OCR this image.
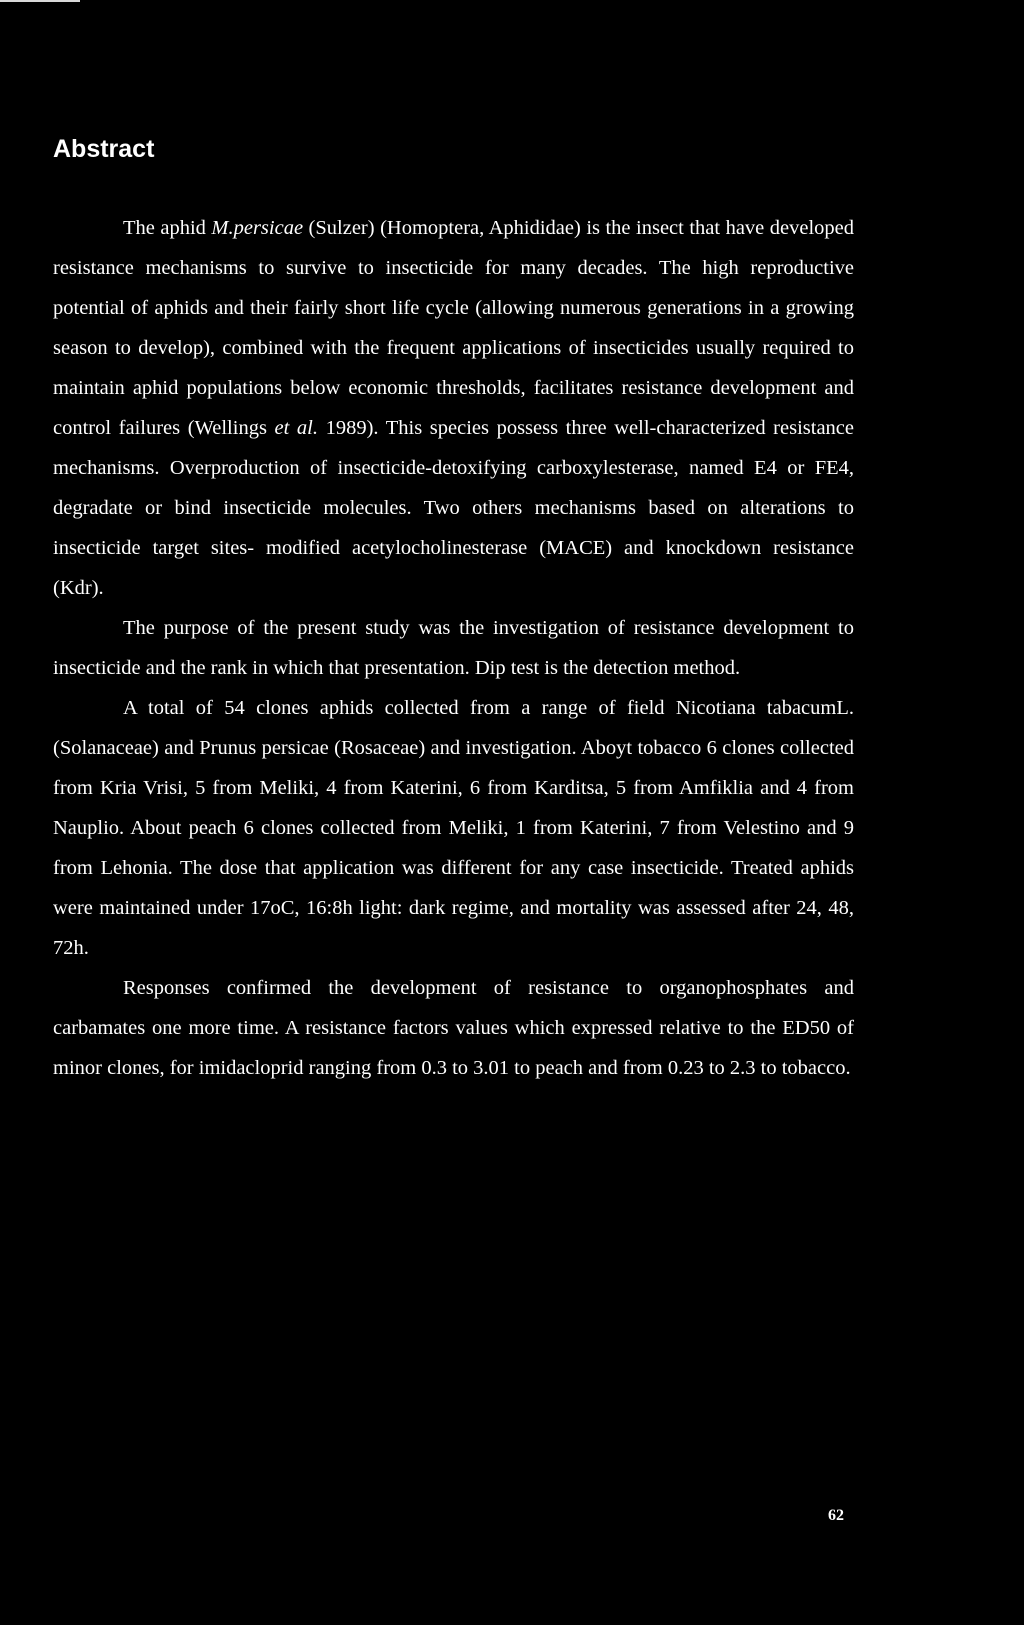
Abstract

The aphid M.persicae (Sulzer) (Homoptera, Aphididae) is the insect that have developed resistance mechanisms to survive to insecticide for many decades. The high reproductive potential of aphids and their fairly short life cycle (allowing numerous generations in a growing season to develop), combined with the frequent applications of insecticides usually required to maintain aphid populations below economic thresholds, facilitates resistance development and control failures (Wellings et al. 1989). This species possess three well-characterized resistance mechanisms. Overproduction of insecticide-detoxifying carboxylesterase, named E4 or FE4, degradate or bind insecticide molecules. Two others mechanisms based on alterations to insecticide target sites- modified acetylocholinesterase (MACE) and knockdown resistance (Kdr).

The purpose of the present study was the investigation of resistance development to insecticide and the rank in which that presentation. Dip test is the detection method.

A total of 54 clones aphids collected from a range of field Nicotiana tabacumL. (Solanaceae) and Prunus persicae (Rosaceae) and investigation. Aboyt tobacco 6 clones collected from Kria Vrisi, 5 from Meliki, 4 from Katerini, 6 from Karditsa, 5 from Amfiklia and 4 from Nauplio. About peach 6 clones collected from Meliki, 1 from Katerini, 7 from Velestino and 9 from Lehonia. The dose that application was different for any case insecticide. Treated aphids were maintained under 17oC, 16:8h light: dark regime, and mortality was assessed after 24, 48, 72h.

Responses confirmed the development of resistance to organophosphates and carbamates one more time. A resistance factors values which expressed relative to the ED50 of minor clones, for imidacloprid ranging from 0.3 to 3.01 to peach and from 0.23 to 2.3 to tobacco.

62
